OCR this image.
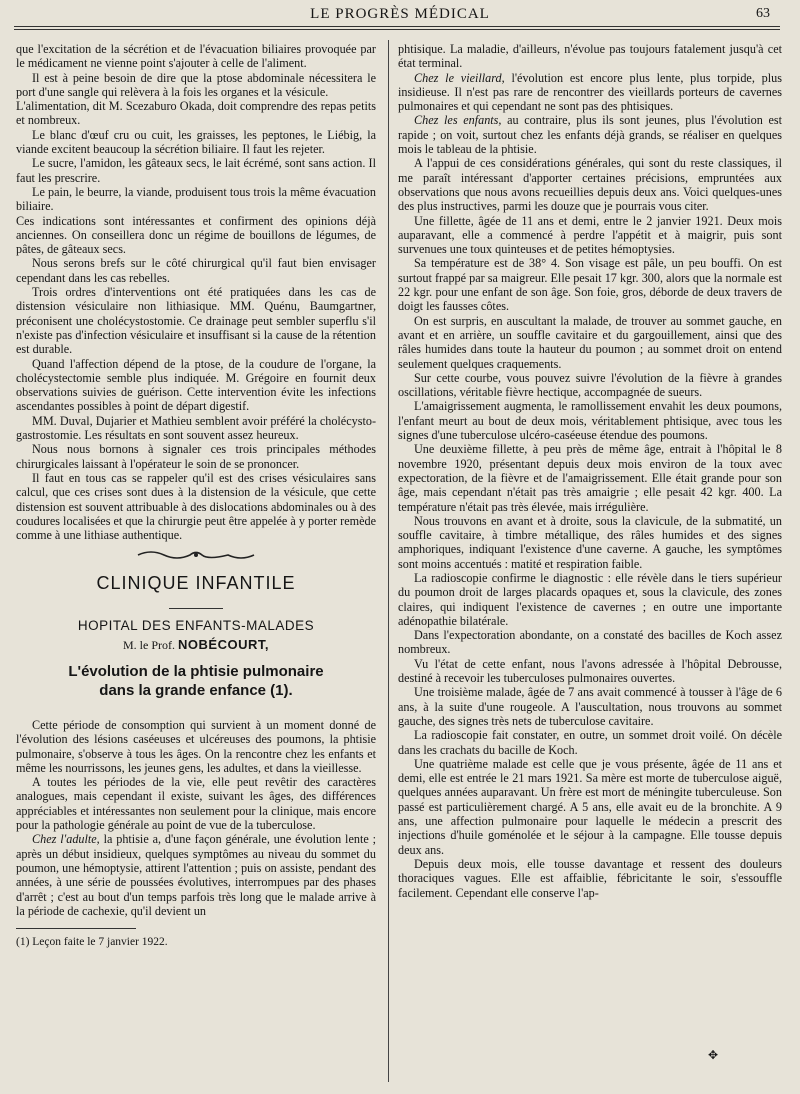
LE PROGRÈS MÉDICAL	63

que l'excitation de la sécrétion et de l'évacuation biliaires provoquée par le médicament ne vienne point s'ajouter à celle de l'aliment.

Il est à peine besoin de dire que la ptose abdominale nécessitera le port d'une sangle qui relèvera à la fois les organes et la vésicule.

L'alimentation, dit M. Scezaburo Okada, doit comprendre des repas petits et nombreux.

Le blanc d'œuf cru ou cuit, les graisses, les peptones, le Liébig, la viande excitent beaucoup la sécrétion biliaire. Il faut les rejeter.

Le sucre, l'amidon, les gâteaux secs, le lait écrémé, sont sans action. Il faut les prescrire.

Le pain, le beurre, la viande, produisent tous trois la même évacuation biliaire.

Ces indications sont intéressantes et confirment des opinions déjà anciennes. On conseillera donc un régime de bouillons de légumes, de pâtes, de gâteaux secs.

Nous serons brefs sur le côté chirurgical qu'il faut bien envisager cependant dans les cas rebelles.

Trois ordres d'interventions ont été pratiquées dans les cas de distension vésiculaire non lithiasique. MM. Quénu, Baumgartner, préconisent une cholécystostomie. Ce drainage peut sembler superflu s'il n'existe pas d'infection vésiculaire et insuffisant si la cause de la rétention est durable.

Quand l'affection dépend de la ptose, de la coudure de l'organe, la cholécystectomie semble plus indiquée. M. Grégoire en fournit deux observations suivies de guérison. Cette intervention évite les infections ascendantes possibles à point de départ digestif.

MM. Duval, Dujarier et Mathieu semblent avoir préféré la cholécysto-gastrostomie. Les résultats en sont souvent assez heureux.

Nous nous bornons à signaler ces trois principales méthodes chirurgicales laissant à l'opérateur le soin de se prononcer.

Il faut en tous cas se rappeler qu'il est des crises vésiculaires sans calcul, que ces crises sont dues à la distension de la vésicule, que cette distension est souvent attribuable à des dislocations abdominales ou à des coudures localisées et que la chirurgie peut être appelée à y porter remède comme à une lithiase authentique.

CLINIQUE INFANTILE
HOPITAL DES ENFANTS-MALADES
M. le Prof. NOBÉCOURT,
L'évolution de la phtisie pulmonaire
dans la grande enfance (1).

Cette période de consomption qui survient à un moment donné de l'évolution des lésions caséeuses et ulcéreuses des poumons, la phtisie pulmonaire, s'observe à tous les âges. On la rencontre chez les enfants et même les nourrissons, les jeunes gens, les adultes, et dans la vieillesse.

A toutes les périodes de la vie, elle peut revêtir des caractères analogues, mais cependant il existe, suivant les âges, des différences appréciables et intéressantes non seulement pour la clinique, mais encore pour la pathologie générale au point de vue de la tuberculose.

Chez l'adulte, la phtisie a, d'une façon générale, une évolution lente ; après un début insidieux, quelques symptômes au niveau du sommet du poumon, une hémoptysie, attirent l'attention ; puis on assiste, pendant des années, à une série de poussées évolutives, interrompues par des phases d'arrêt ; c'est au bout d'un temps parfois très long que le malade arrive à la période de cachexie, qu'il devient un

(1) Leçon faite le 7 janvier 1922.

phtisique. La maladie, d'ailleurs, n'évolue pas toujours fatalement jusqu'à cet état terminal.

Chez le vieillard, l'évolution est encore plus lente, plus torpide, plus insidieuse. Il n'est pas rare de rencontrer des vieillards porteurs de cavernes pulmonaires et qui cependant ne sont pas des phtisiques.

Chez les enfants, au contraire, plus ils sont jeunes, plus l'évolution est rapide ; on voit, surtout chez les enfants déjà grands, se réaliser en quelques mois le tableau de la phtisie.

A l'appui de ces considérations générales, qui sont du reste classiques, il me paraît intéressant d'apporter certaines précisions, empruntées aux observations que nous avons recueillies depuis deux ans. Voici quelques-unes des plus instructives, parmi les douze que je pourrais vous citer.

Une fillette, âgée de 11 ans et demi, entre le 2 janvier 1921. Deux mois auparavant, elle a commencé à perdre l'appétit et à maigrir, puis sont survenues une toux quinteuses et de petites hémoptysies.

Sa température est de 38° 4. Son visage est pâle, un peu bouffi. On est surtout frappé par sa maigreur. Elle pesait 17 kgr. 300, alors que la normale est 22 kgr. pour une enfant de son âge. Son foie, gros, déborde de deux travers de doigt les fausses côtes.

On est surpris, en auscultant la malade, de trouver au sommet gauche, en avant et en arrière, un souffle cavitaire et du gargouillement, ainsi que des râles humides dans toute la hauteur du poumon ; au sommet droit on entend seulement quelques craquements.

Sur cette courbe, vous pouvez suivre l'évolution de la fièvre à grandes oscillations, véritable fièvre hectique, accompagnée de sueurs.

L'amaigrissement augmenta, le ramollissement envahit les deux poumons, l'enfant meurt au bout de deux mois, véritablement phtisique, avec tous les signes d'une tuberculose ulcéro-caséeuse étendue des poumons.

Une deuxième fillette, à peu près de même âge, entrait à l'hôpital le 8 novembre 1920, présentant depuis deux mois environ de la toux avec expectoration, de la fièvre et de l'amaigrissement. Elle était grande pour son âge, mais cependant n'était pas très amaigrie ; elle pesait 42 kgr. 400. La température n'était pas très élevée, mais irrégulière.

Nous trouvons en avant et à droite, sous la clavicule, de la submatité, un souffle cavitaire, à timbre métallique, des râles humides et des signes amphoriques, indiquant l'existence d'une caverne. A gauche, les symptômes sont moins accentués : matité et respiration faible.

La radioscopie confirme le diagnostic : elle révèle dans le tiers supérieur du poumon droit de larges placards opaques et, sous la clavicule, des zones claires, qui indiquent l'existence de cavernes ; en outre une importante adénopathie bilatérale.

Dans l'expectoration abondante, on a constaté des bacilles de Koch assez nombreux.

Vu l'état de cette enfant, nous l'avons adressée à l'hôpital Debrousse, destiné à recevoir les tuberculoses pulmonaires ouvertes.

Une troisième malade, âgée de 7 ans avait commencé à tousser à l'âge de 6 ans, à la suite d'une rougeole. A l'auscultation, nous trouvons au sommet gauche, des signes très nets de tuberculose cavitaire.

La radioscopie fait constater, en outre, un sommet droit voilé. On décèle dans les crachats du bacille de Koch.

Une quatrième malade est celle que je vous présente, âgée de 11 ans et demi, elle est entrée le 21 mars 1921. Sa mère est morte de tuberculose aiguë, quelques années auparavant. Un frère est mort de méningite tuberculeuse. Son passé est particulièrement chargé. A 5 ans, elle avait eu de la bronchite. A 9 ans, une affection pulmonaire pour laquelle le médecin a prescrit des injections d'huile goménolée et le séjour à la campagne. Elle tousse depuis deux ans.

Depuis deux mois, elle tousse davantage et ressent des douleurs thoraciques vagues. Elle est affaiblie, fébricitante le soir, s'essouffle facilement. Cependant elle conserve l'ap-

✥
